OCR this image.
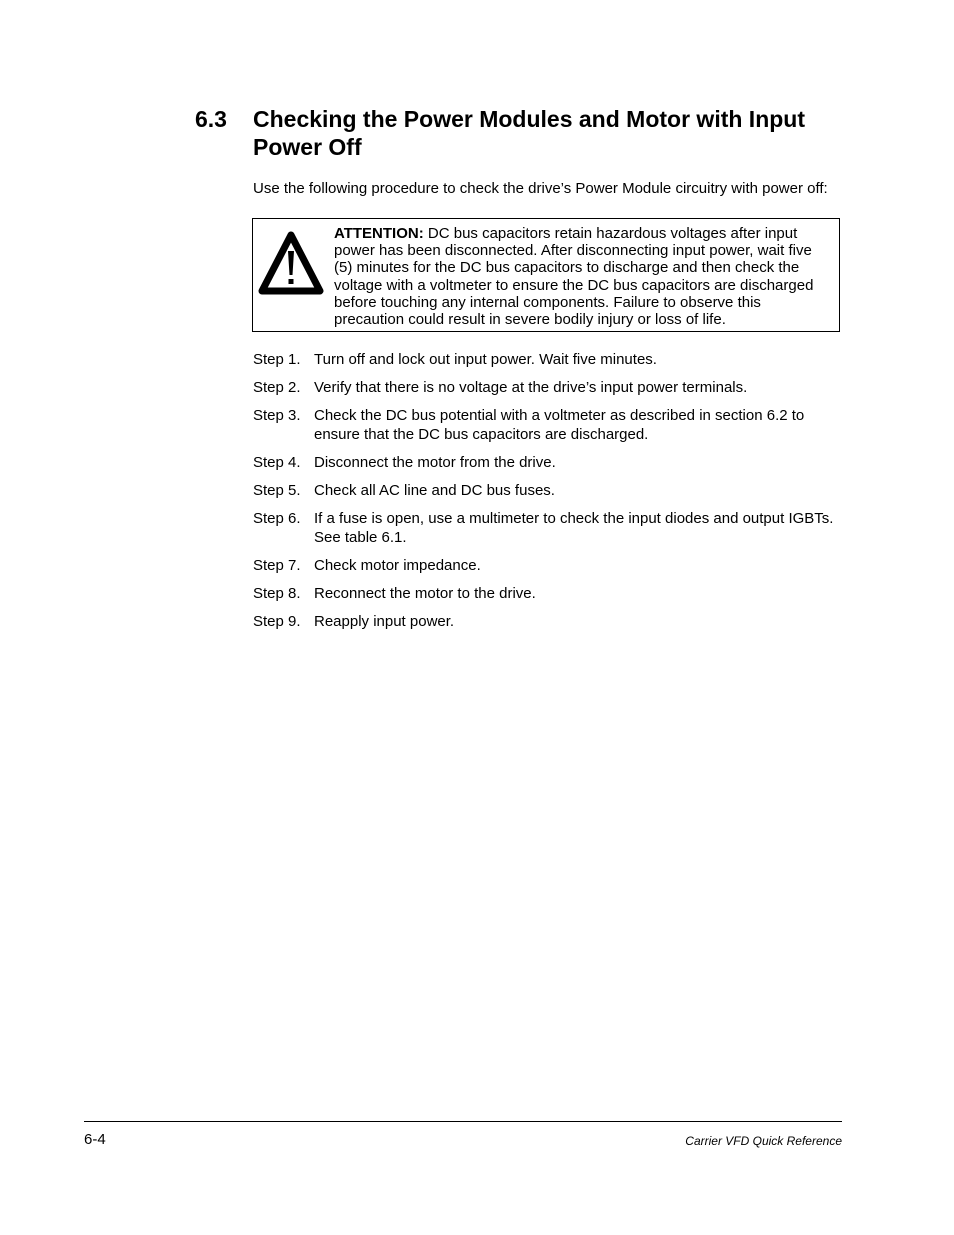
6.3	Checking the Power Modules and Motor with Input Power Off
Use the following procedure to check the drive’s Power Module circuitry with power off:
ATTENTION: DC bus capacitors retain hazardous voltages after input power has been disconnected. After disconnecting input power, wait five (5) minutes for the DC bus capacitors to discharge and then check the voltage with a voltmeter to ensure the DC bus capacitors are discharged before touching any internal components. Failure to observe this precaution could result in severe bodily injury or loss of life.
Step 1. Turn off and lock out input power. Wait five minutes.
Step 2. Verify that there is no voltage at the drive’s input power terminals.
Step 3. Check the DC bus potential with a voltmeter as described in section 6.2 to ensure that the DC bus capacitors are discharged.
Step 4. Disconnect the motor from the drive.
Step 5. Check all AC line and DC bus fuses.
Step 6. If a fuse is open, use a multimeter to check the input diodes and output IGBTs. See table 6.1.
Step 7. Check motor impedance.
Step 8. Reconnect the motor to the drive.
Step 9. Reapply input power.
6-4	Carrier VFD Quick Reference
